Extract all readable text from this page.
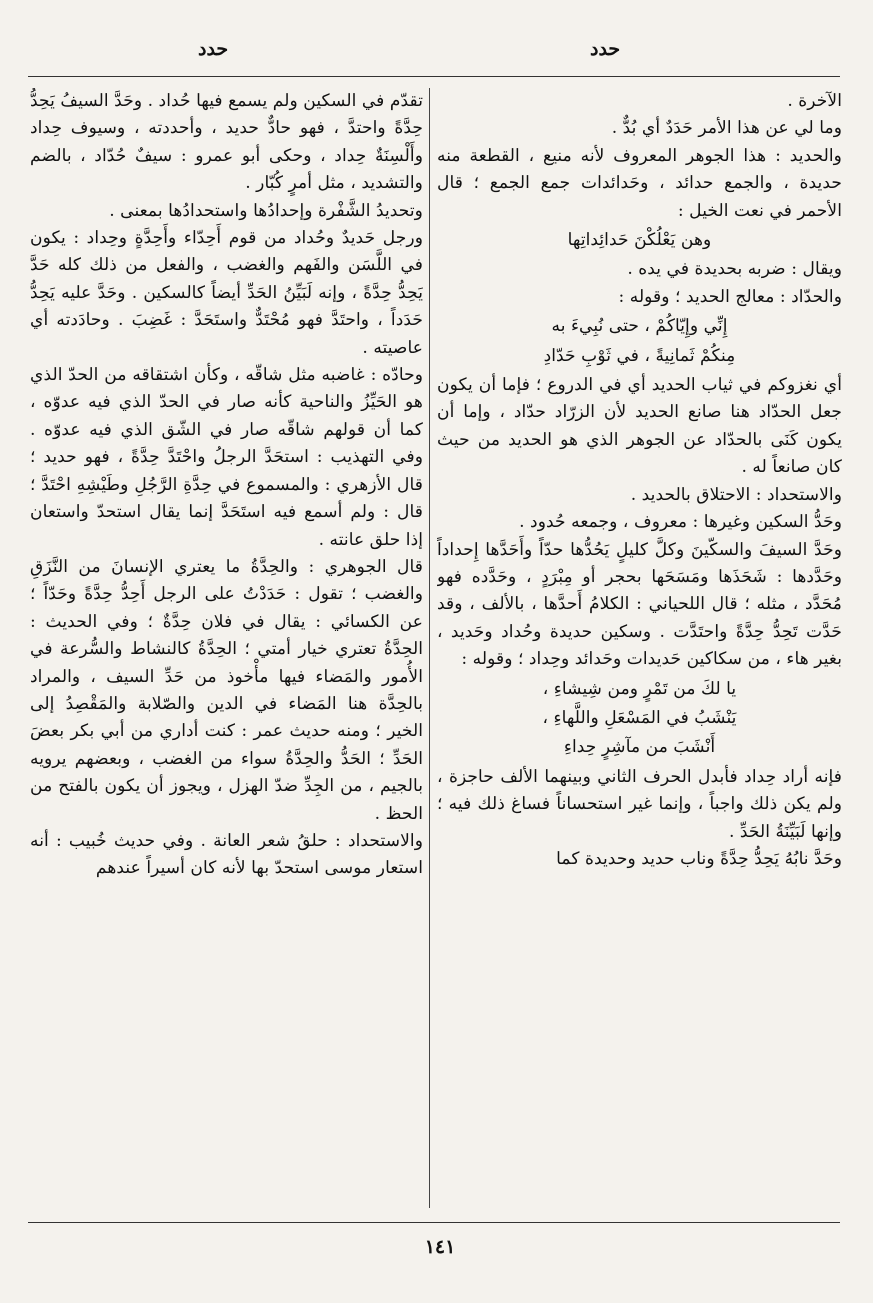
حدد
حدد

الآخرة .

وما لي عن هذا الأمر حَدَدٌ أي بُدٌّ .

والحديد : هذا الجوهر المعروف لأنه منيع ، القطعة منه حديدة ، والجمع حدائد ، وحَدائدات جمع الجمع ؛ قال الأحمر في نعت الخيل :

وهن يَعْلُكْنَ حَدائِداتِها

ويقال : ضربه بحديدة في يده .

والحدّاد : معالج الحديد ؛ وقوله :

إِنِّي وإِيّاكُمْ ، حتى نُبِيءَ به

مِنكُمْ ثَمانِيةً ، في ثَوْبِ حَدّادِ

أي نغزوكم في ثياب الحديد أي في الدروع ؛ فإما أن يكون جعل الحدّاد هنا صانع الحديد لأن الزرّاد حدّاد ، وإما أن يكون كَنَى بالحدّاد عن الجوهر الذي هو الحديد من حيث كان صانعاً له .

والاستحداد : الاحتلاق بالحديد .

وحَدُّ السكين وغيرها : معروف ، وجمعه حُدود .

وحَدَّ السيفَ والسكّينَ وكلَّ كليلٍ يَحُدُّها حدّاً وأَحَدَّها إِحداداً وحَدَّدها : شَحَذَها ومَسَحَها بحجر أو مِبْرَدٍ ، وحَدَّده فهو مُحَدَّد ، مثله ؛ قال اللحياني : الكلامُ أَحدَّها ، بالألف ، وقد حَدَّت تَحِدُّ حِدَّةً واحتَدَّت . وسكين حديدة وحُداد وحَديد ، بغير هاء ، من سكاكين حَديدات وحَدائد وحِداد ؛ وقوله :

يا لكَ من تَمْرٍ ومن شِيشاءِ ،

يَنْشَبُ في المَسْعَلِ واللَّهاءِ ،

أَنْشَبَ من مآشِرٍ حِداءِ

فإنه أراد حِداد فأبدل الحرف الثاني وبينهما الألف حاجزة ، ولم يكن ذلك واجباً ، وإنما غير استحساناً فساغ ذلك فيه ؛ وإنها لَبَيِّنَةُ الحَدِّ .

وحَدَّ نابُهُ يَحِدُّ حِدَّةً وناب حديد وحديدة كما

تقدّم في السكين ولم يسمع فيها حُداد . وحَدَّ السيفُ يَحِدُّ حِدَّةً واحتدَّ ، فهو حادٌّ حديد ، وأحددته ، وسيوف حِداد وأَلْسِنَةٌ حِداد ، وحكى أبو عمرو : سيفٌ حُدّاد ، بالضم والتشديد ، مثل أمرٍ كُبّار .

وتحديدُ الشَّفْرة وإحدادُها واستحدادُها بمعنى .

ورجل حَديدٌ وحُداد من قوم أَحِدّاء وأَحِدَّةٍ وحِداد : يكون في اللَّسَن والفَهم والغضب ، والفعل من ذلك كله حَدَّ يَحِدُّ حِدَّةً ، وإنه لَبَيِّنُ الحَدِّ أيضاً كالسكين . وحَدَّ عليه يَحِدُّ حَدَداً ، واحتَدَّ فهو مُحْتَدٌّ واستَحَدَّ : غَضِبَ . وحادَدته أي عاصيته .

وحادّه : غاضبه مثل شاقّه ، وكأن اشتقاقه من الحدّ الذي هو الحَيِّزُ والناحية كأنه صار في الحدّ الذي فيه عدوّه ، كما أن قولهم شاقّه صار في الشّق الذي فيه عدوّه . وفي التهذيب : استحَدَّ الرجلُ واحْتَدَّ حِدَّةً ، فهو حديد ؛ قال الأزهري : والمسموع في حِدَّةِ الرَّجُلِ وطَيْشِهِ احْتَدَّ ؛ قال : ولم أسمع فيه استَحَدَّ إنما يقال استحدّ واستعان إذا حلق عانته .

قال الجوهري : والحِدَّةُ ما يعتري الإنسانَ من النَّزَقِ والغضب ؛ تقول : حَدَدْتُ على الرجل أَحِدُّ حِدَّةً وحَدّاً ؛ عن الكسائي : يقال في فلان حِدَّةٌ ؛ وفي الحديث : الحِدَّةُ تعتري خيار أمتي ؛ الحِدَّةُ كالنشاط والسُّرعة في الأُمور والمَضاء فيها مأْخوذ من حَدِّ السيف ، والمراد بالحِدَّة هنا المَضاء في الدين والصّلابة والمَقْصِدُ إلى الخير ؛ ومنه حديث عمر : كنت أداري من أبي بكر بعضَ الحَدِّ ؛ الحَدُّ والحِدَّةُ سواء من الغضب ، وبعضهم يرويه بالجيم ، من الجِدِّ ضدّ الهزل ، ويجوز أن يكون بالفتح من الحظ .

والاستحداد : حلقُ شعر العانة . وفي حديث خُبيب : أنه استعار موسى استحدّ بها لأنه كان أسيراً عندهم

١٤١
